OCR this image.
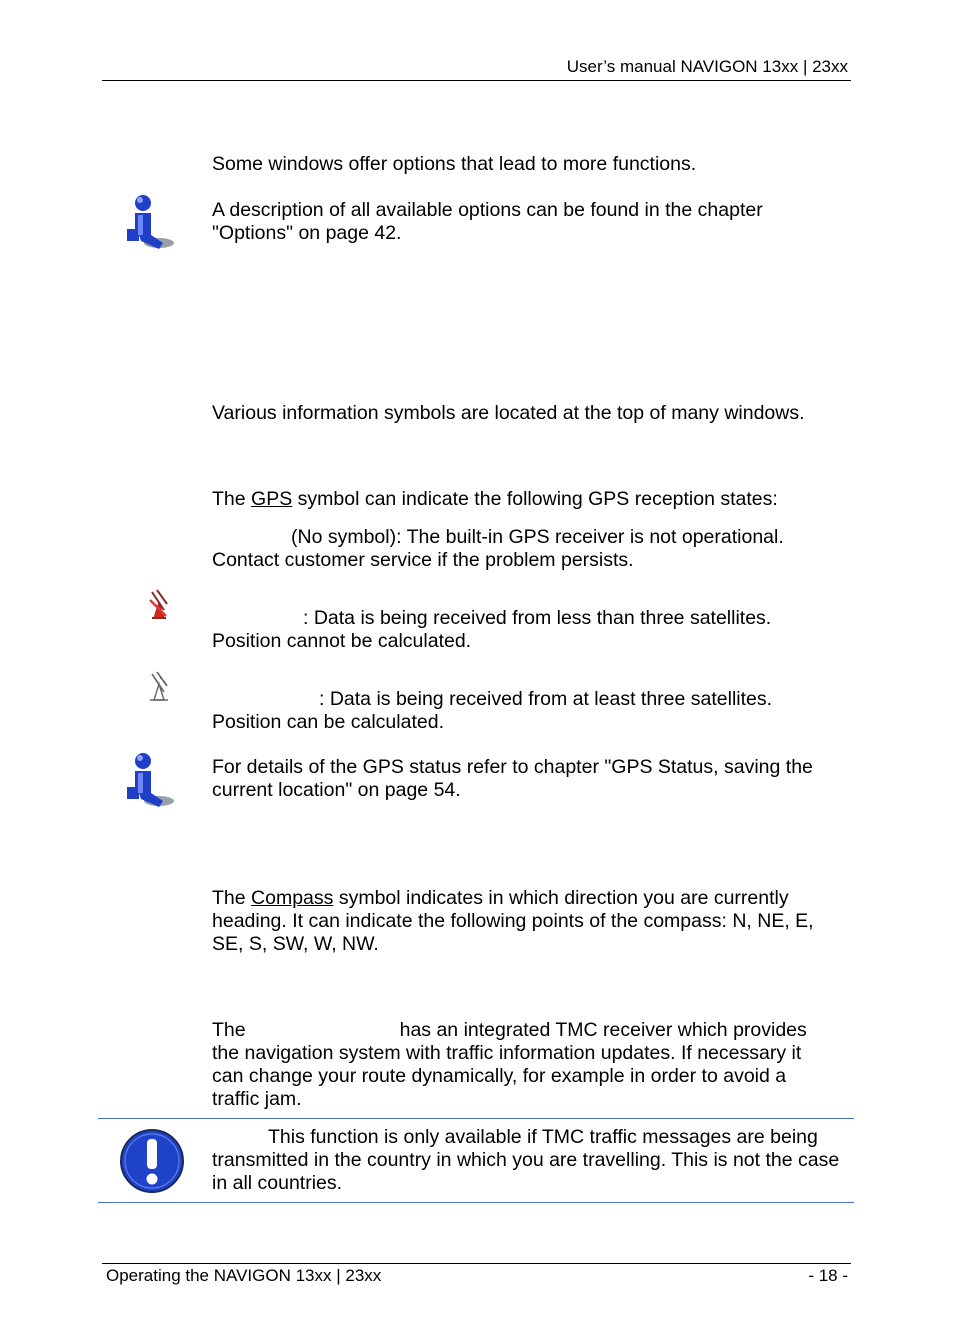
User’s manual NAVIGON 13xx | 23xx

Some windows offer options that lead to more functions.

A description of all available options can be found in the chapter "Options" on page 42.

Various information symbols are located at the top of many windows.

The GPS symbol can indicate the following GPS reception states:

(No symbol): The built-in GPS receiver is not operational.
Contact customer service if the problem persists.
: Data is being received from less than three satellites.
Position cannot be calculated.
: Data is being received from at least three satellites.
Position can be calculated.

For details of the GPS status refer to chapter "GPS Status, saving the current location" on page 54.

The Compass symbol indicates in which direction you are currently heading. It can indicate the following points of the compass: N, NE, E, SE, S, SW, W, NW.

The	has an integrated TMC receiver which provides the navigation system with traffic information updates. If necessary it can change your route dynamically, for example in order to avoid a traffic jam.

This function is only available if TMC traffic messages are being transmitted in the country in which you are travelling. This is not the case in all countries.

Operating the NAVIGON 13xx | 23xx	- 18 -
